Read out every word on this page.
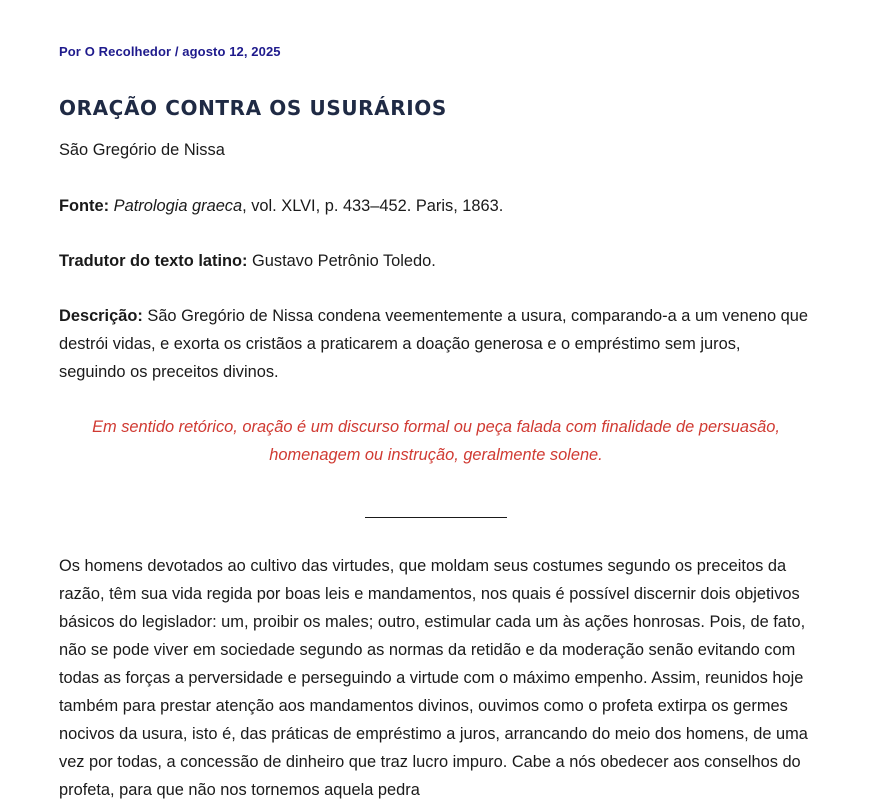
Por O Recolhedor / agosto 12, 2025
ORAÇÃO CONTRA OS USURÁRIOS

São Gregório de Nissa

Fonte: Patrologia graeca, vol. XLVI, p. 433–452. Paris, 1863.

Tradutor do texto latino: Gustavo Petrônio Toledo.

Descrição: São Gregório de Nissa condena veementemente a usura, comparando-a a um veneno que destrói vidas, e exorta os cristãos a praticarem a doação generosa e o empréstimo sem juros, seguindo os preceitos divinos.

Em sentido retórico, oração é um discurso formal ou peça falada com finalidade de persuasão, homenagem ou instrução, geralmente solene.

Os homens devotados ao cultivo das virtudes, que moldam seus costumes segundo os preceitos da razão, têm sua vida regida por boas leis e mandamentos, nos quais é possível discernir dois objetivos básicos do legislador: um, proibir os males; outro, estimular cada um às ações honrosas. Pois, de fato, não se pode viver em sociedade segundo as normas da retidão e da moderação senão evitando com todas as forças a perversidade e perseguindo a virtude com o máximo empenho. Assim, reunidos hoje também para prestar atenção aos mandamentos divinos, ouvimos como o profeta extirpa os germes nocivos da usura, isto é, das práticas de empréstimo a juros, arrancando do meio dos homens, de uma vez por todas, a concessão de dinheiro que traz lucro impuro. Cabe a nós obedecer aos conselhos do profeta, para que não nos tornemos aquela pedra
